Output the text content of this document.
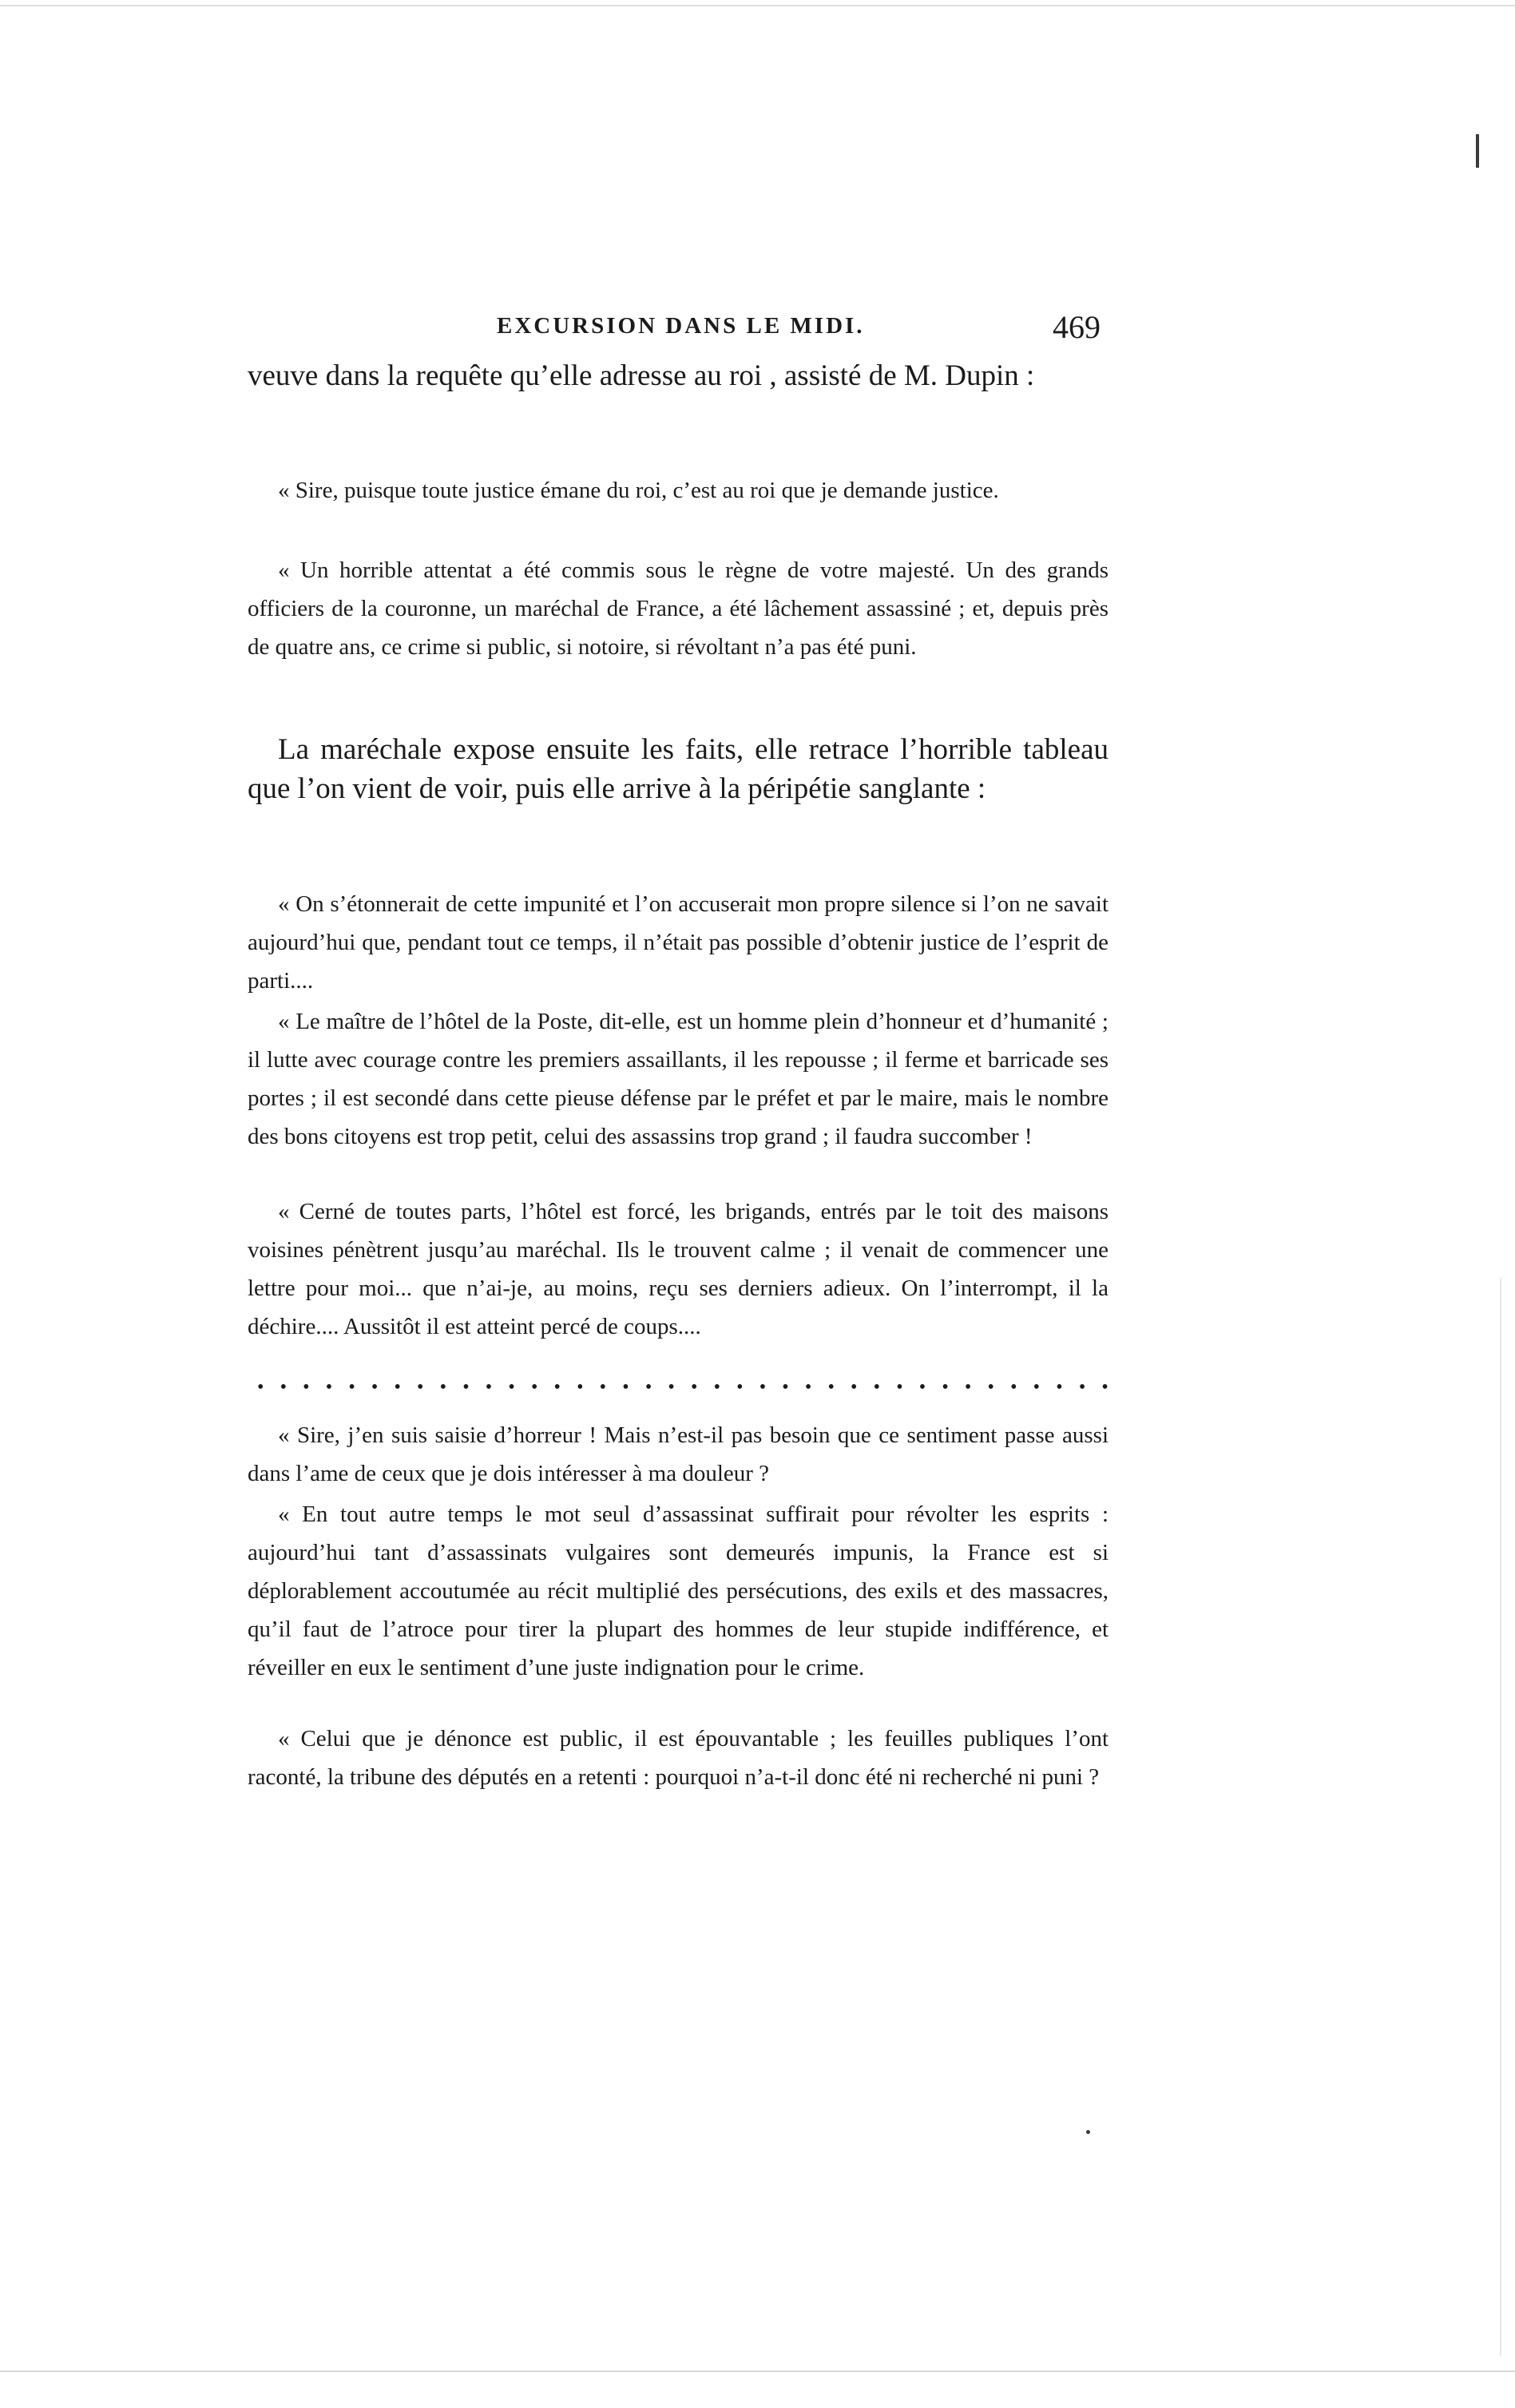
EXCURSION DANS LE MIDI.	469

veuve dans la requête qu’elle adresse au roi , assisté de M. Dupin :

« Sire, puisque toute justice émane du roi, c’est au roi que je demande justice.

« Un horrible attentat a été commis sous le règne de votre majesté. Un des grands officiers de la couronne, un maréchal de France, a été lâchement assassiné ; et, depuis près de quatre ans, ce crime si public, si notoire, si révoltant n’a pas été puni.

La maréchale expose ensuite les faits, elle retrace l’horrible tableau que l’on vient de voir, puis elle arrive à la péripétie sanglante :

« On s’étonnerait de cette impunité et l’on accuserait mon propre silence si l’on ne savait aujourd’hui que, pendant tout ce temps, il n’était pas possible d’obtenir justice de l’esprit de parti....

« Le maître de l’hôtel de la Poste, dit-elle, est un homme plein d’honneur et d’humanité ; il lutte avec courage contre les premiers assaillants, il les repousse ; il ferme et barricade ses portes ; il est secondé dans cette pieuse défense par le préfet et par le maire, mais le nombre des bons citoyens est trop petit, celui des assassins trop grand ; il faudra succomber !

« Cerné de toutes parts, l’hôtel est forcé, les brigands, entrés par le toit des maisons voisines pénètrent jusqu’au maréchal. Ils le trouvent calme ; il venait de commencer une lettre pour moi... que n’ai-je, au moins, reçu ses derniers adieux. On l’interrompt, il la déchire.... Aussitôt il est atteint percé de coups....

• • • • • • • • • • • • • • • • • • • • • • • • • • • • • • • • • • • • • •

« Sire, j’en suis saisie d’horreur ! Mais n’est-il pas besoin que ce sentiment passe aussi dans l’ame de ceux que je dois intéresser à ma douleur ?

« En tout autre temps le mot seul d’assassinat suffirait pour révolter les esprits : aujourd’hui tant d’assassinats vulgaires sont demeurés impunis, la France est si déplorablement accoutumée au récit multiplié des persécutions, des exils et des massacres, qu’il faut de l’atroce pour tirer la plupart des hommes de leur stupide indifférence, et réveiller en eux le sentiment d’une juste indignation pour le crime.

« Celui que je dénonce est public, il est épouvantable ; les feuilles publiques l’ont raconté, la tribune des députés en a retenti : pourquoi n’a-t-il donc été ni recherché ni puni ?
